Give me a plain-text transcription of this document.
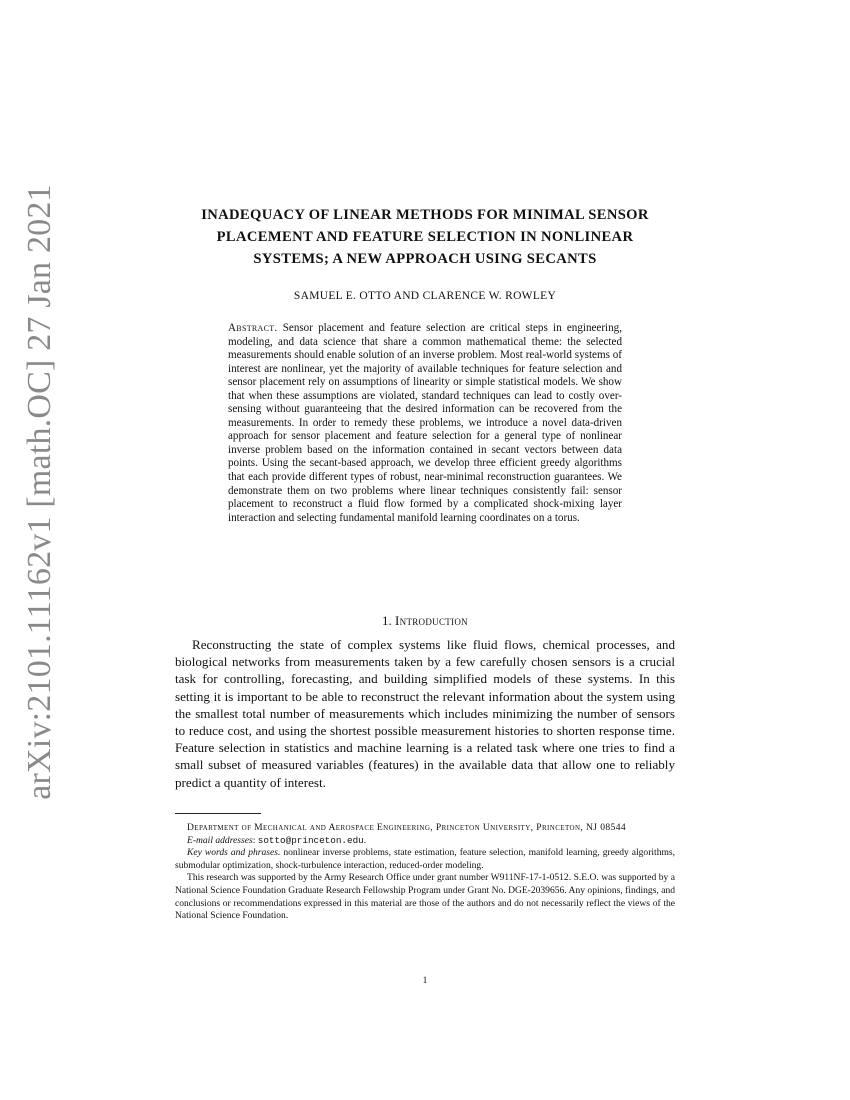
arXiv:2101.11162v1 [math.OC] 27 Jan 2021	INADEQUACY OF LINEAR METHODS FOR MINIMAL SENSOR
PLACEMENT AND FEATURE SELECTION IN NONLINEAR
SYSTEMS; A NEW APPROACH USING SECANTS
SAMUEL E. OTTO AND CLARENCE W. ROWLEY
Abstract. Sensor placement and feature selection are critical steps in engineering, modeling, and data science that share a common mathematical theme: the selected measurements should enable solution of an inverse problem. Most real-world systems of interest are nonlinear, yet the majority of available techniques for feature selection and sensor placement rely on assumptions of linearity or simple statistical models. We show that when these assumptions are violated, standard techniques can lead to costly over-sensing without guaranteeing that the desired information can be recovered from the measurements. In order to remedy these problems, we introduce a novel data-driven approach for sensor placement and feature selection for a general type of nonlinear inverse problem based on the information contained in secant vectors between data points. Using the secant-based approach, we develop three efficient greedy algorithms that each provide different types of robust, near-minimal reconstruction guarantees. We demonstrate them on two problems where linear techniques consistently fail: sensor placement to reconstruct a fluid flow formed by a complicated shock-mixing layer interaction and selecting fundamental manifold learning coordinates on a torus.
1. Introduction

Reconstructing the state of complex systems like fluid flows, chemical processes, and biological networks from measurements taken by a few carefully chosen sensors is a crucial task for controlling, forecasting, and building simplified models of these systems. In this setting it is important to be able to reconstruct the relevant information about the system using the smallest total number of measurements which includes minimizing the number of sensors to reduce cost, and using the shortest possible measurement histories to shorten response time. Feature selection in statistics and machine learning is a related task where one tries to find a small subset of measured variables (features) in the available data that allow one to reliably predict a quantity of interest.

Department of Mechanical and Aerospace Engineering, Princeton University, Princeton, NJ 08544

E-mail addresses: sotto@princeton.edu.

Key words and phrases. nonlinear inverse problems, state estimation, feature selection, manifold learning, greedy algorithms, submodular optimization, shock-turbulence interaction, reduced-order modeling.

This research was supported by the Army Research Office under grant number W911NF-17-1-0512. S.E.O. was supported by a National Science Foundation Graduate Research Fellowship Program under Grant No. DGE-2039656. Any opinions, findings, and conclusions or recommendations expressed in this material are those of the authors and do not necessarily reflect the views of the National Science Foundation.

1
